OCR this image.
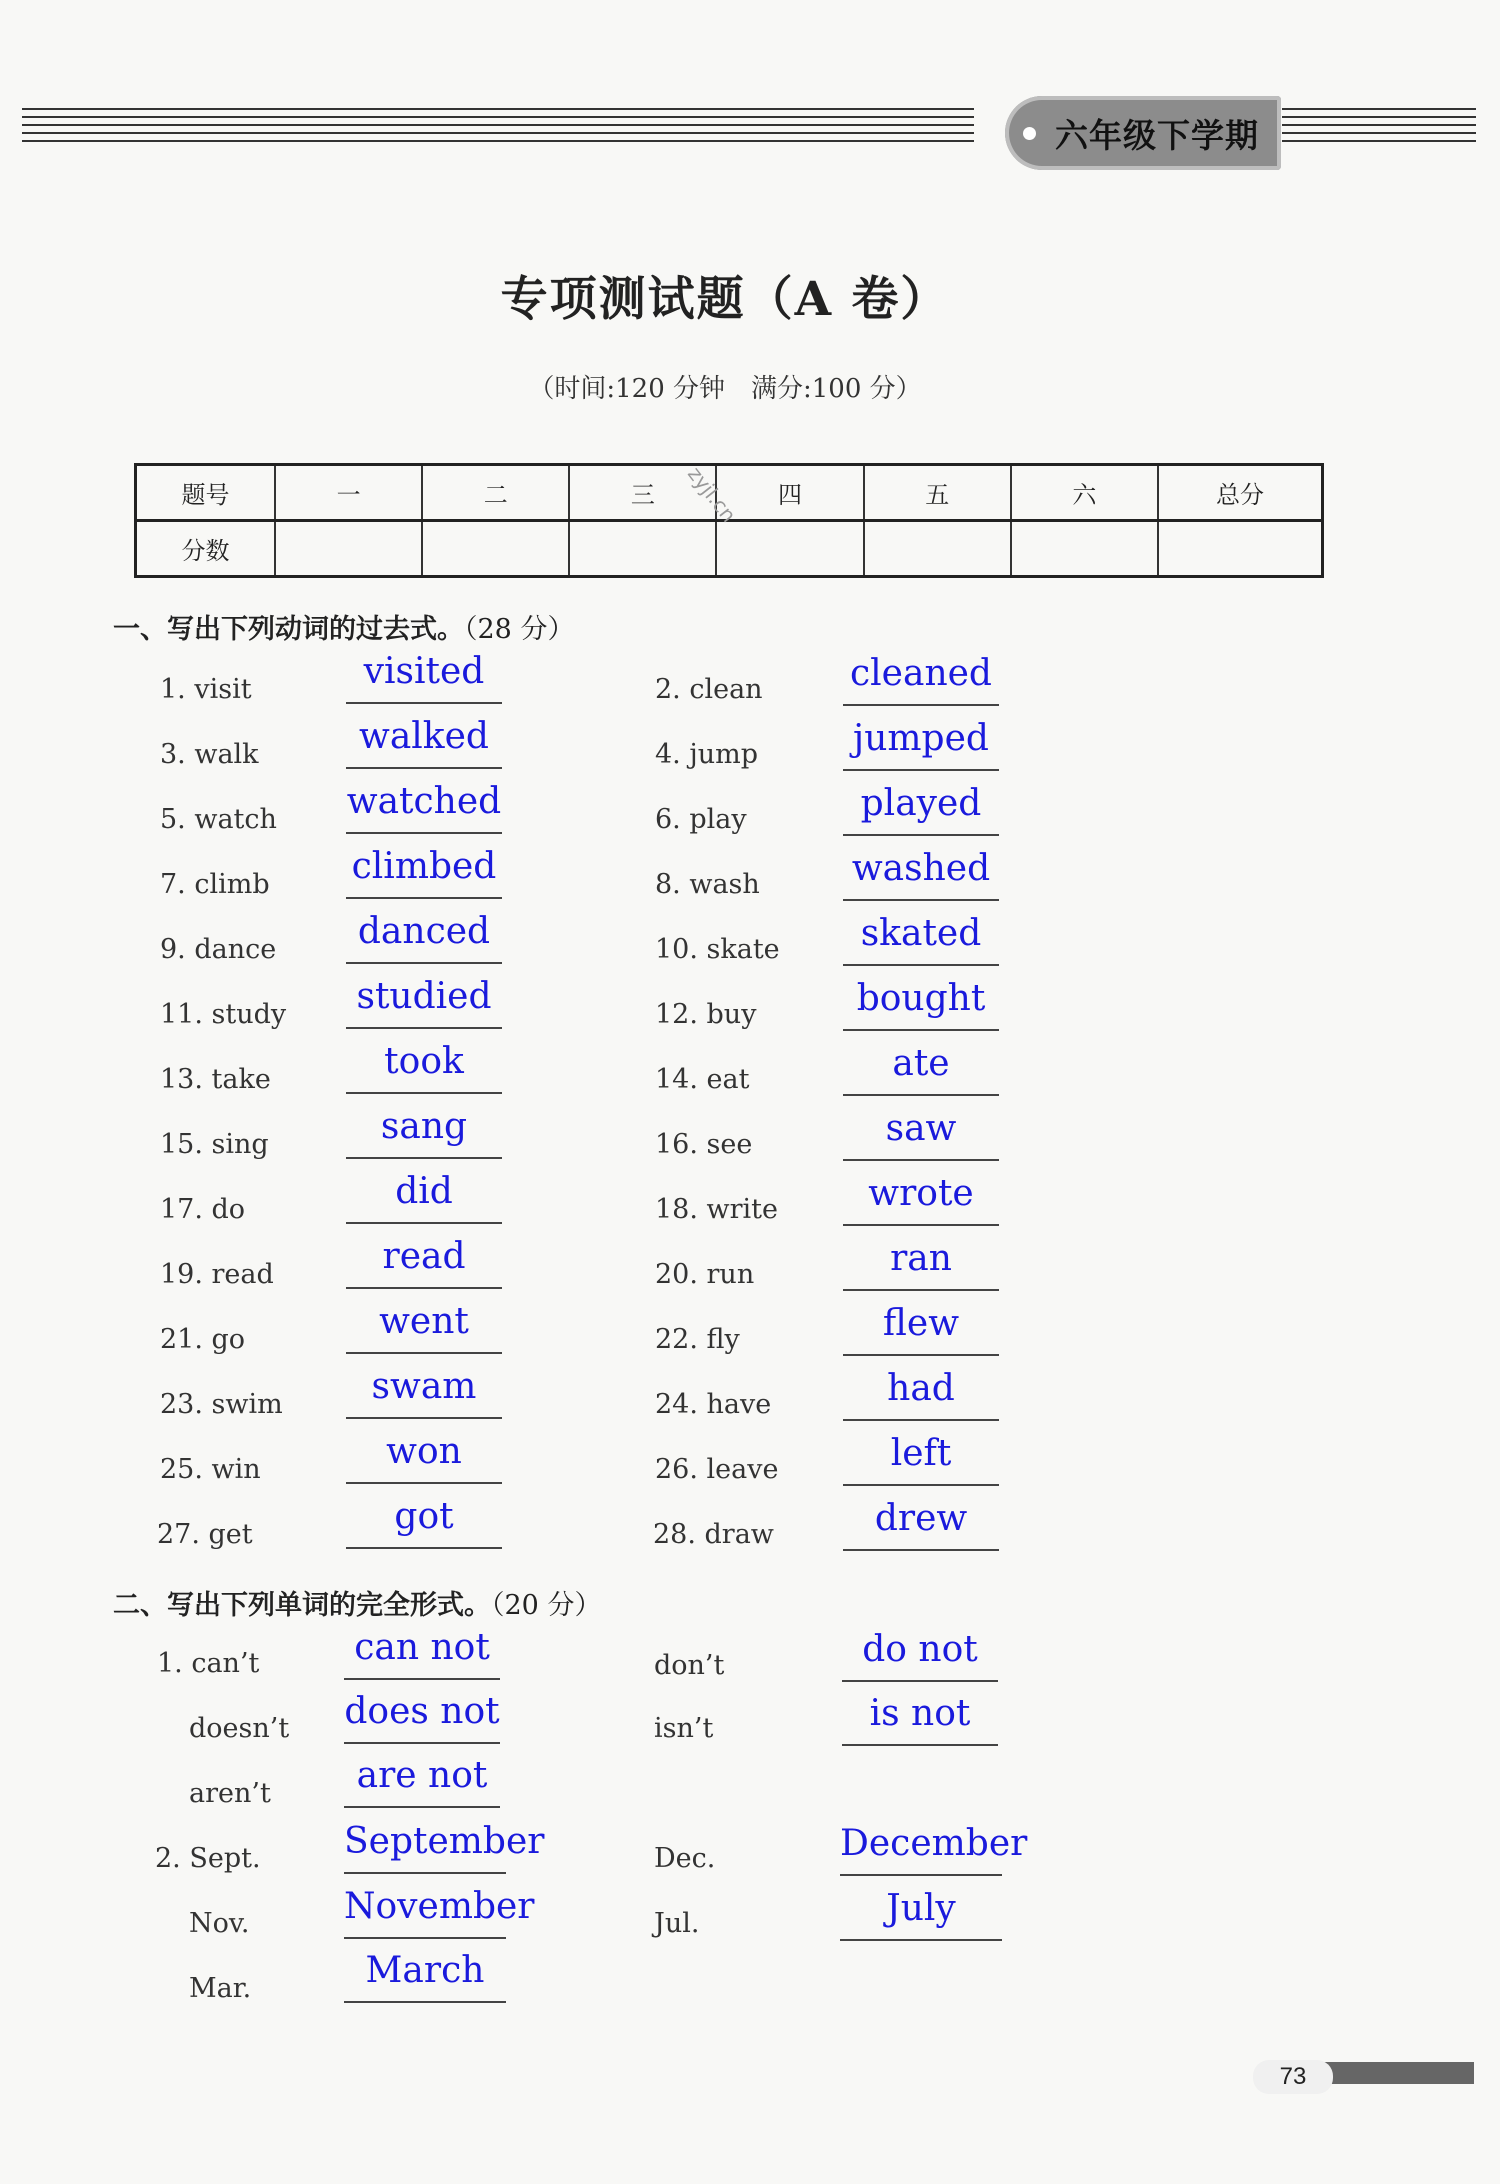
六年级下学期
专项测试题（A 卷）
（时间:120 分钟　满分:100 分）
题号	一	二	三	四	五	六	总分
分数							
zyjl.cn
一、写出下列动词的过去式。（28 分）
1. visit	visited	2. clean cleaned
3. walk	walked	4. jump	jumped
5. watch watched	6. play	played
7. climb climbed	8. wash	washed
9. dance	danced	10. skate	skated
11. study studied	12. buy	bought
13. take	took	14. eat	ate
15. sing	sang	16. see	saw
17. do	did	18. write	wrote
19. read	read	20. run	ran
21. go	went	22. fly	flew
23. swim	swam	24. have	had
25. win	won	26. leave	left
27. get	got	28. draw	drew
二、写出下列单词的完全形式。（20 分）
1. can’t	can not	don’t	do not
doesn’t does not	isn’t	is not
aren’t	are not
2. Sept. September	Dec.	December
Nov.	November	Jul.	July
Mar.	March
73
